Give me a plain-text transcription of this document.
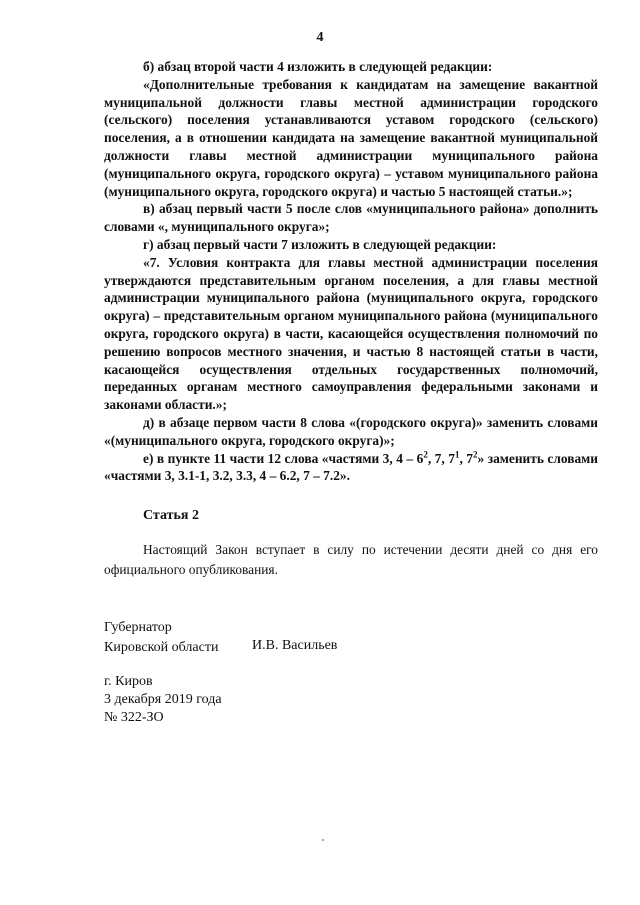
4

б) абзац второй части 4 изложить в следующей редакции:

«Дополнительные требования к кандидатам на замещение вакантной муниципальной должности главы местной администрации городского (сельского) поселения устанавливаются уставом городского (сельского) поселения, а в отношении кандидата на замещение вакантной муниципальной должности главы местной администрации муниципального района (муниципального округа, городского округа) – уставом муниципального района (муниципального округа, городского округа) и частью 5 настоящей статьи.»;

в) абзац первый части 5 после слов «муниципального района» дополнить словами «, муниципального округа»;

г) абзац первый части 7 изложить в следующей редакции:

«7. Условия контракта для главы местной администрации поселения утверждаются представительным органом поселения, а для главы местной администрации муниципального района (муниципального округа, городского округа) – представительным органом муниципального района (муниципального округа, городского округа) в части, касающейся осуществления полномочий по решению вопросов местного значения, и частью 8 настоящей статьи в части, касающейся осуществления отдельных государственных полномочий, переданных органам местного самоуправления федеральными законами и законами области.»;

д) в абзаце первом части 8 слова «(городского округа)» заменить словами «(муниципального округа, городского округа)»;

е) в пункте 11 части 12 слова «частями 3, $4 - 6^2$, 7, $7^1$, $7^2$» заменить словами «частями 3, 3.1-1, 3.2, 3.3, 4 – 6.2, 7 – 7.2».

Статья 2

Настоящий Закон вступает в силу по истечении десяти дней со дня его официального опубликования.

Губернатор
Кировской области И.В. Васильев
г. Киров
3 декабря 2019 года
№ 322-ЗО
